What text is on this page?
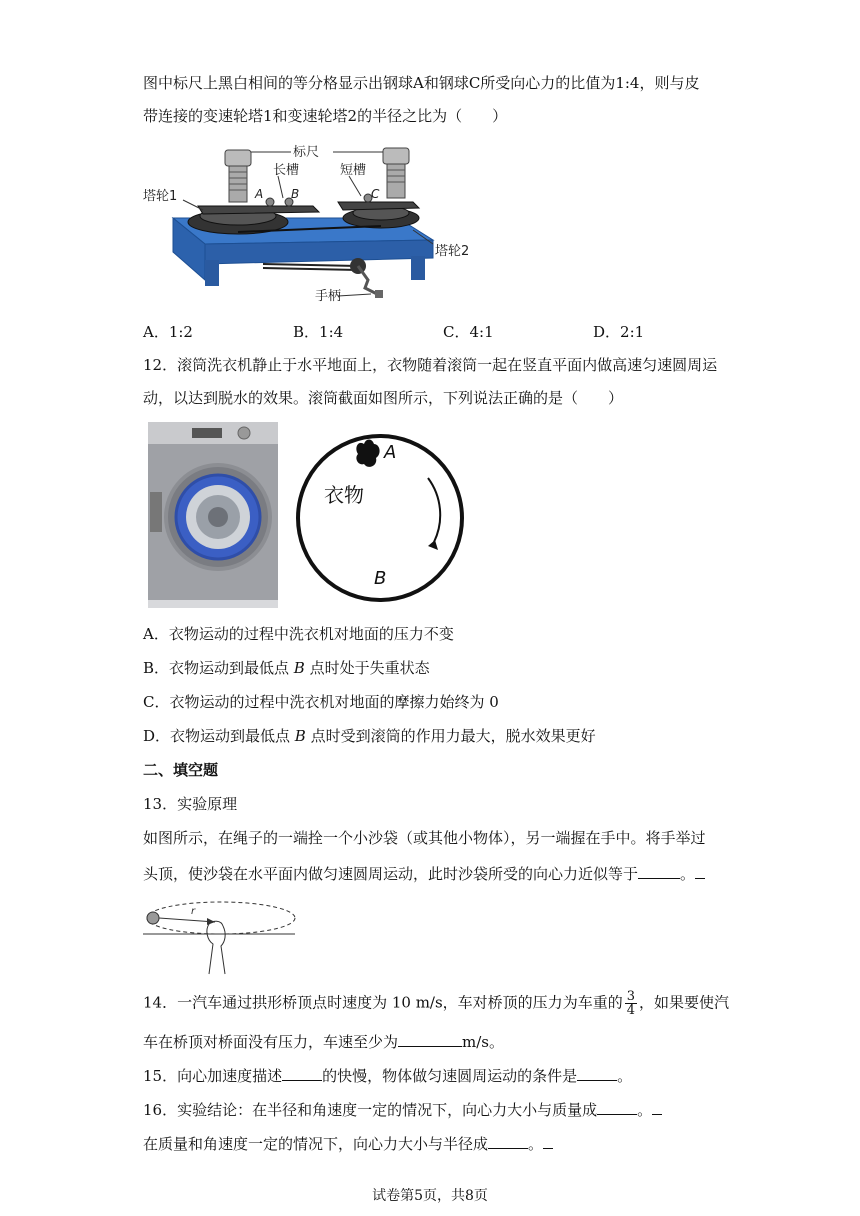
图中标尺上黑白相间的等分格显示出钢球A和钢球C所受向心力的比值为1:4，则与皮
带连接的变速轮塔1和变速轮塔2的半径之比为（　　）
标尺
长槽	短槽
塔轮1
塔轮2
手柄
A B	C
A．1:2	B．1:4	C．4:1	D．2:1
12．滚筒洗衣机静止于水平地面上，衣物随着滚筒一起在竖直平面内做高速匀速圆周运
动，以达到脱水的效果。滚筒截面如图所示，下列说法正确的是（　　）
A
衣物
B
A．衣物运动的过程中洗衣机对地面的压力不变
B．衣物运动到最低点 B 点时处于失重状态
C．衣物运动的过程中洗衣机对地面的摩擦力始终为 0
D．衣物运动到最低点 B 点时受到滚筒的作用力最大，脱水效果更好
二、填空题
13．实验原理
如图所示，在绳子的一端拴一个小沙袋（或其他小物体），另一端握在手中。将手举过
头顶，使沙袋在水平面内做匀速圆周运动，此时沙袋所受的向心力近似等于	。
r
14．一汽车通过拱形桥顶点时速度为 10 m/s，车对桥顶的压力为车重的 $\frac{3}{4}$ ，如果要使汽
车在桥顶对桥面没有压力，车速至少为	m/s。
15．向心加速度描述	的快慢，物体做匀速圆周运动的条件是	。
16．实验结论：在半径和角速度一定的情况下，向心力大小与质量成	。
在质量和角速度一定的情况下，向心力大小与半径成	。
试卷第5页，共8页
